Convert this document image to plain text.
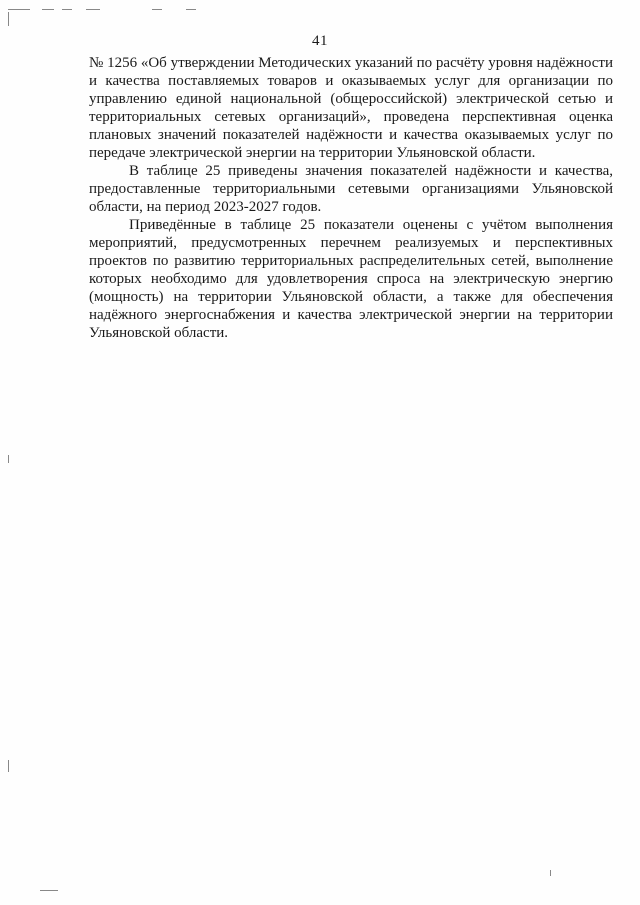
41

№ 1256 «Об утверждении Методических указаний по расчёту уровня надёжности и качества поставляемых товаров и оказываемых услуг для организации по управлению единой национальной (общероссийской) электрической сетью и территориальных сетевых организаций», проведена перспективная оценка плановых значений показателей надёжности и качества оказываемых услуг по передаче электрической энергии на территории Ульяновской области.

В таблице 25 приведены значения показателей надёжности и качества, предоставленные территориальными сетевыми организациями Ульяновской области, на период 2023-2027 годов.

Приведённые в таблице 25 показатели оценены с учётом выполнения мероприятий, предусмотренных перечнем реализуемых и перспективных проектов по развитию территориальных распределительных сетей, выполнение которых необходимо для удовлетворения спроса на электрическую энергию (мощность) на территории Ульяновской области, а также для обеспечения надёжного энергоснабжения и качества электрической энергии на территории Ульяновской области.
